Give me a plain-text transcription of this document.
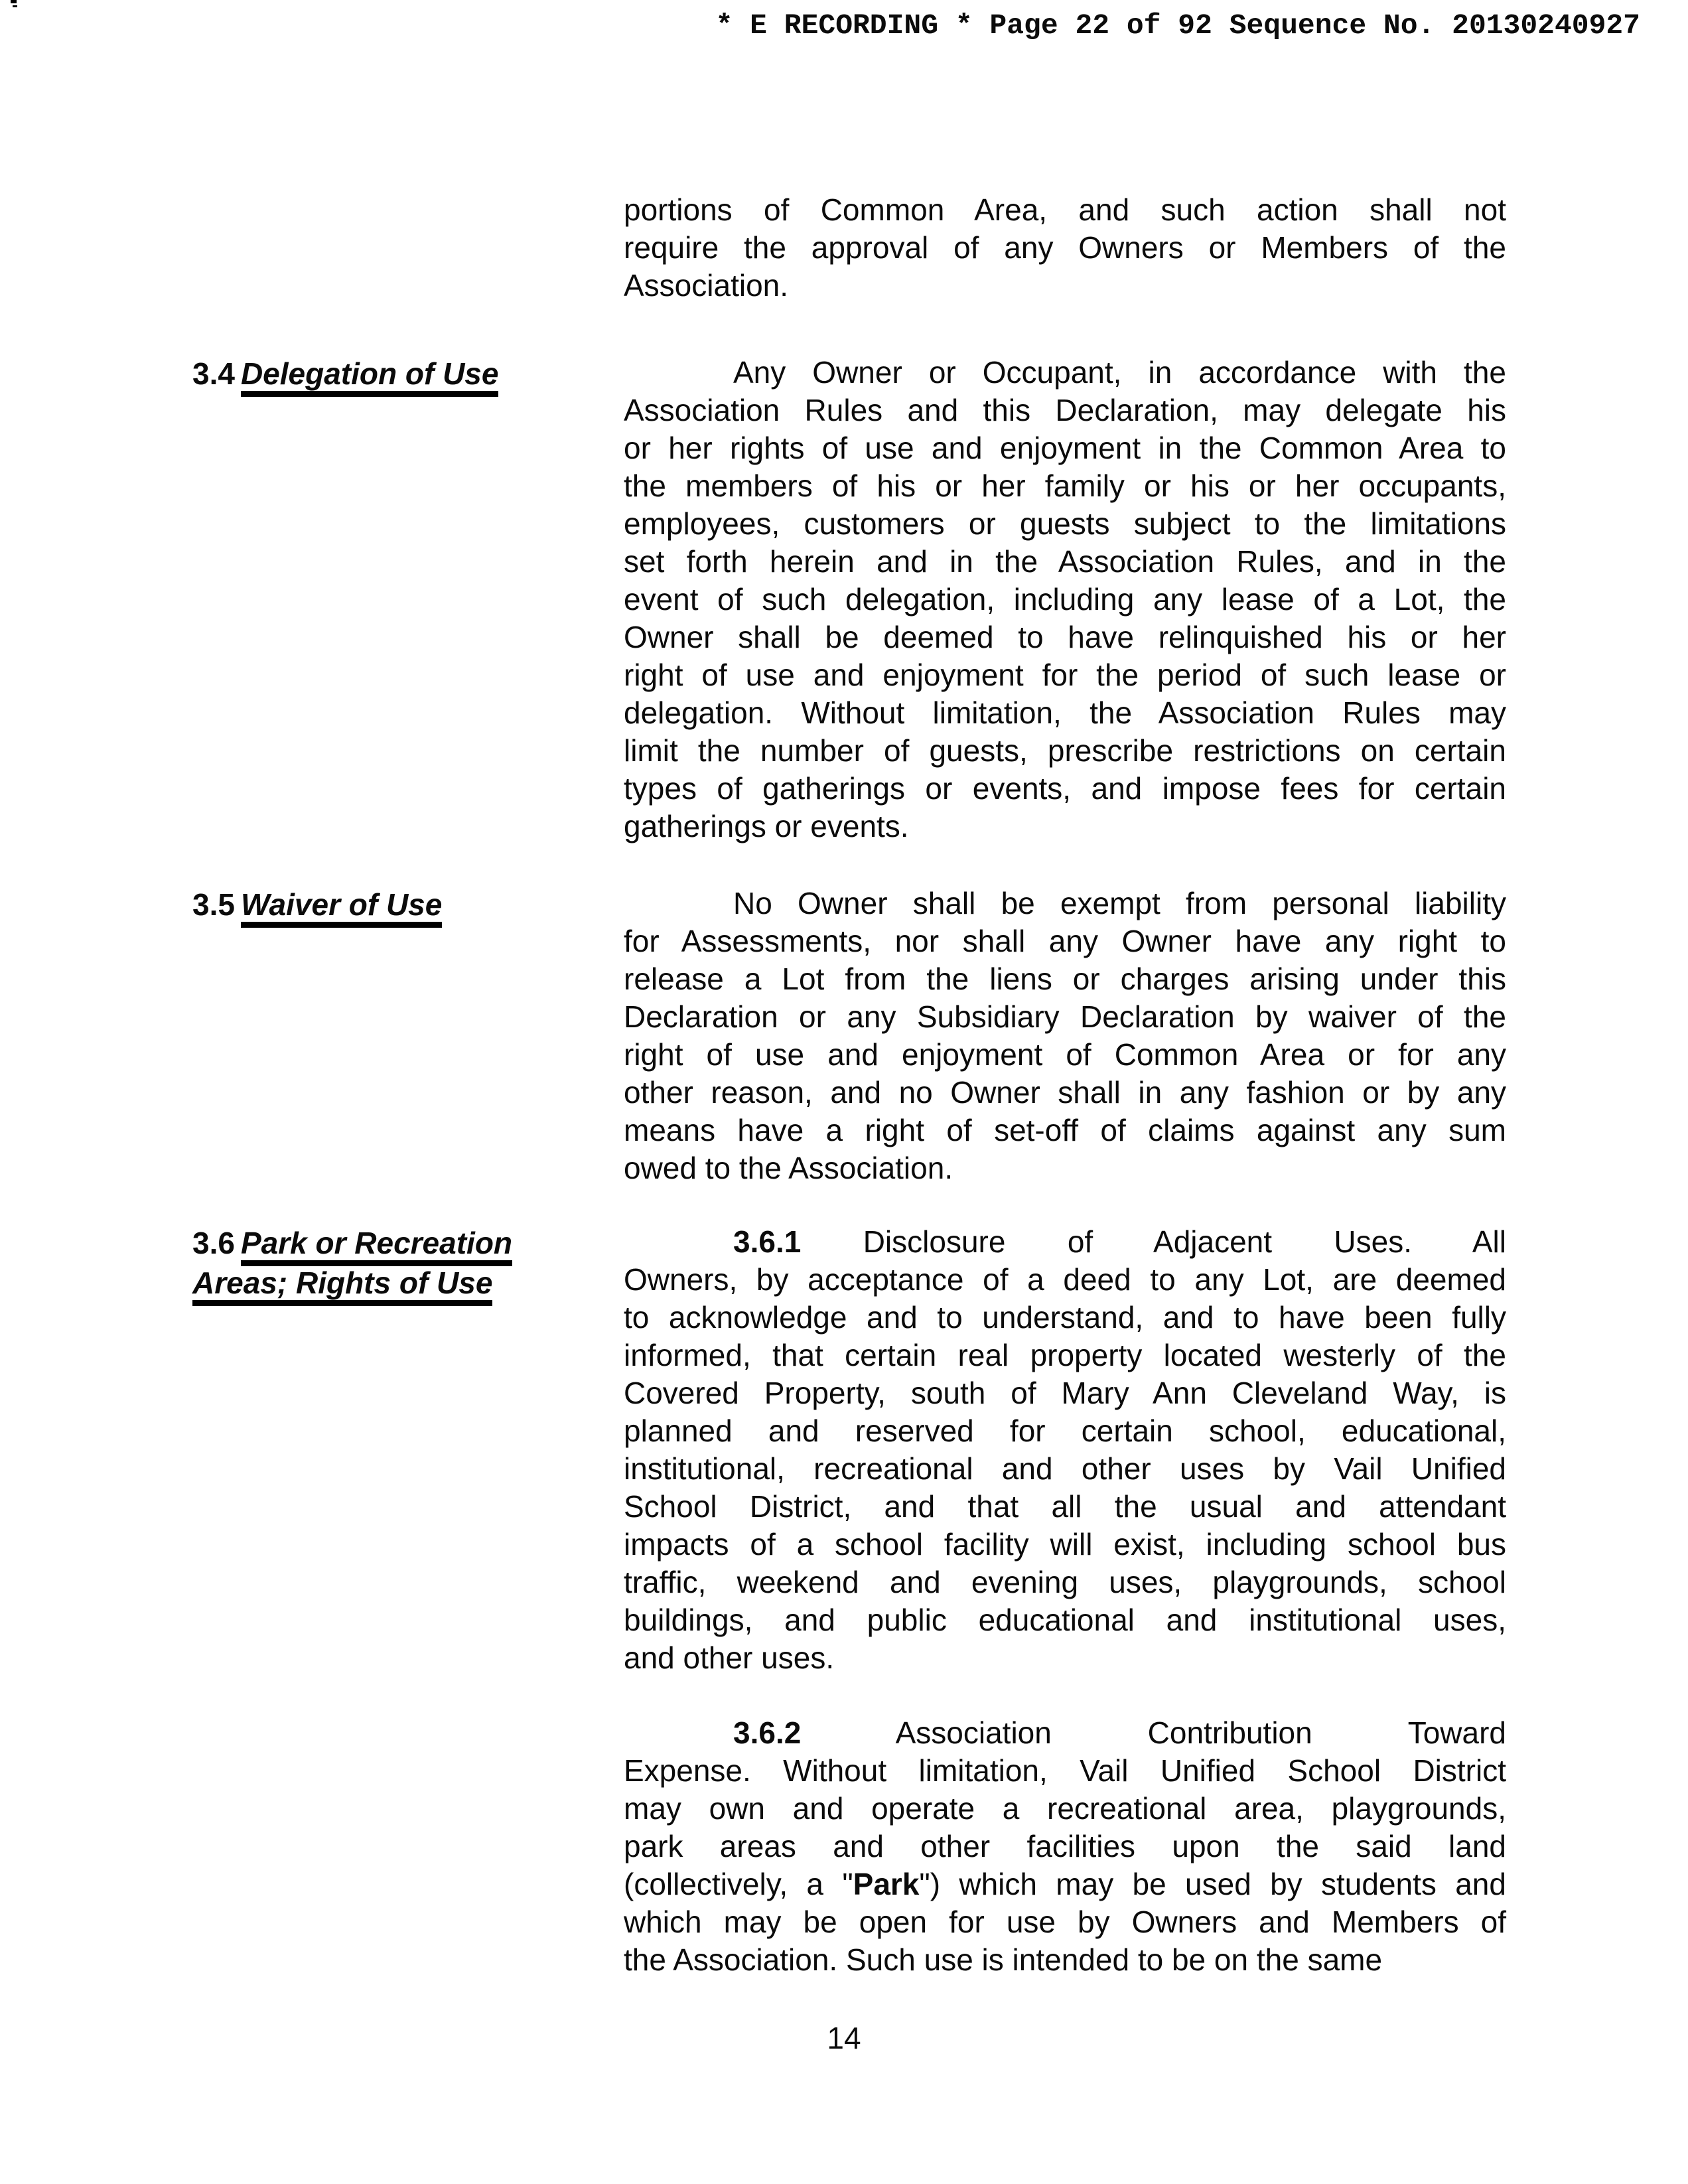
* E RECORDING * Page 22 of 92 Sequence No. 20130240927
portions of Common Area, and such action shall not
require the approval of any Owners or Members of the
Association.
3.4 Delegation of Use	Any Owner or Occupant, in accordance with the
Association Rules and this Declaration, may delegate his
or her rights of use and enjoyment in the Common Area to
the members of his or her family or his or her occupants,
employees, customers or guests subject to the limitations
set forth herein and in the Association Rules, and in the
event of such delegation, including any lease of a Lot, the
Owner shall be deemed to have relinquished his or her
right of use and enjoyment for the period of such lease or
delegation. Without limitation, the Association Rules may
limit the number of guests, prescribe restrictions on certain
types of gatherings or events, and impose fees for certain
gatherings or events.
3.5 Waiver of Use	No Owner shall be exempt from personal liability
for Assessments, nor shall any Owner have any right to
release a Lot from the liens or charges arising under this
Declaration or any Subsidiary Declaration by waiver of the
right of use and enjoyment of Common Area or for any
other reason, and no Owner shall in any fashion or by any
means have a right of set-off of claims against any sum
owed to the Association.
3.6 Park or Recreation
Areas; Rights of Use
3.6.1 Disclosure of Adjacent Uses. All
Owners, by acceptance of a deed to any Lot, are deemed
to acknowledge and to understand, and to have been fully
informed, that certain real property located westerly of the
Covered Property, south of Mary Ann Cleveland Way, is
planned and reserved for certain school, educational,
institutional, recreational and other uses by Vail Unified
School District, and that all the usual and attendant
impacts of a school facility will exist, including school bus
traffic, weekend and evening uses, playgrounds, school
buildings, and public educational and institutional uses,
and other uses.
3.6.2 Association Contribution Toward
Expense. Without limitation, Vail Unified School District
may own and operate a recreational area, playgrounds,
park areas and other facilities upon the said land
(collectively, a "Park") which may be used by students and
which may be open for use by Owners and Members of
the Association. Such use is intended to be on the same
14
